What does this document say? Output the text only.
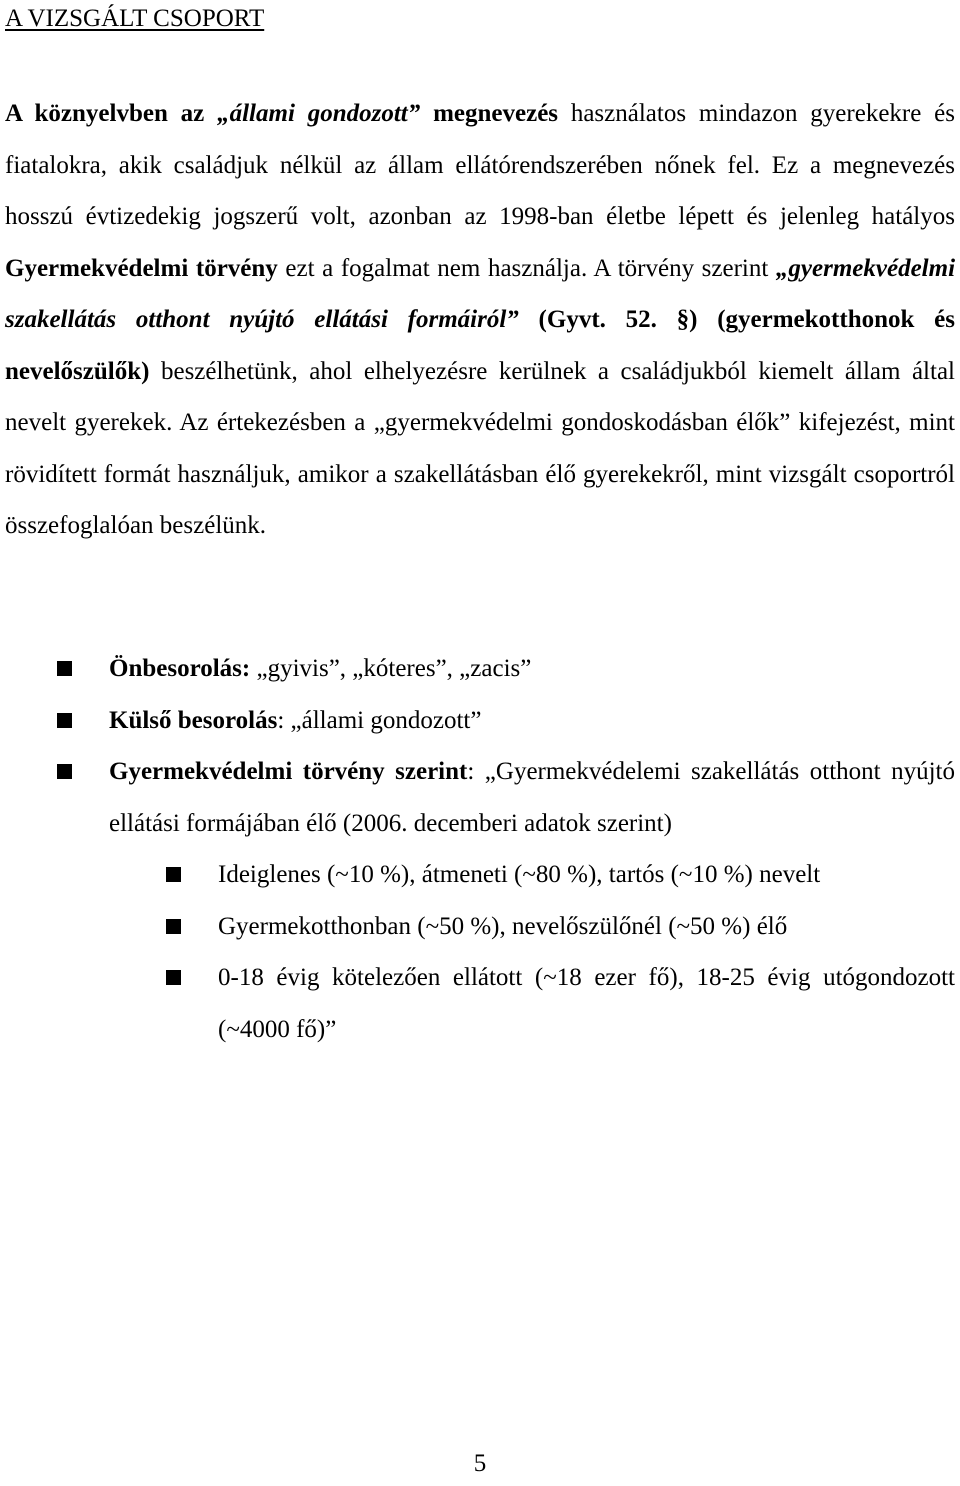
A VIZSGÁLT CSOPORT

A köznyelvben az „állami gondozott” megnevezés használatos mindazon gyerekekre és fiatalokra, akik családjuk nélkül az állam ellátórendszerében nőnek fel. Ez a megnevezés hosszú évtizedekig jogszerű volt, azonban az 1998-ban életbe lépett és jelenleg hatályos Gyermekvédelmi törvény ezt a fogalmat nem használja. A törvény szerint „gyermekvédelmi szakellátás otthont nyújtó ellátási formáiról” (Gyvt. 52. §) (gyermekotthonok és nevelőszülők) beszélhetünk, ahol elhelyezésre kerülnek a családjukból kiemelt állam által nevelt gyerekek. Az értekezésben a „gyermekvédelmi gondoskodásban élők” kifejezést, mint rövidített formát használjuk, amikor a szakellátásban élő gyerekekről, mint vizsgált csoportról összefoglalóan beszélünk.

Önbesorolás: „gyivis”, „kóteres”, „zacis”
Külső besorolás: „állami gondozott”
Gyermekvédelmi törvény szerint: „Gyermekvédelemi szakellátás otthont nyújtó ellátási formájában élő (2006. decemberi adatok szerint)
Ideiglenes (~10 %), átmeneti (~80 %), tartós (~10 %) nevelt
Gyermekotthonban (~50 %), nevelőszülőnél (~50 %) élő
0-18 évig kötelezően ellátott (~18 ezer fő), 18-25 évig utógondozott (~4000 fő)”
5
